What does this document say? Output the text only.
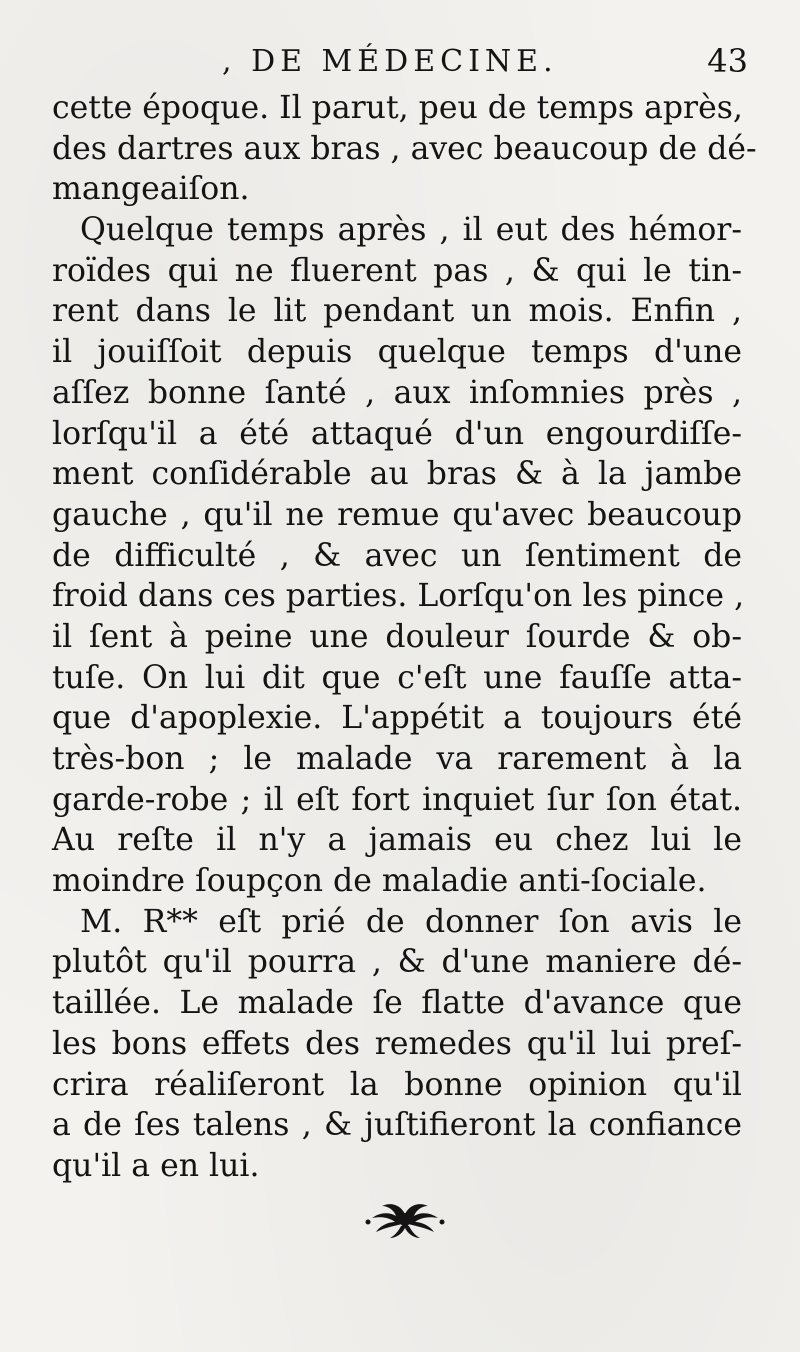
, DE MÉDECINE.	43
cette époque. Il parut, peu de temps après,
des dartres aux bras , avec beaucoup de dé-
mangeaiſon.
Quelque temps après , il eut des hémor-
roïdes qui ne fluerent pas , & qui le tin-
rent dans le lit pendant un mois. Enfin ,
il jouiſſoit depuis quelque temps d'une
aſſez bonne ſanté , aux inſomnies près ,
lorſqu'il a été attaqué d'un engourdiſſe-
ment conſidérable au bras & à la jambe
gauche , qu'il ne remue qu'avec beaucoup
de difficulté , & avec un ſentiment de
froid dans ces parties. Lorſqu'on les pince ,
il ſent à peine une douleur ſourde & ob-
tuſe. On lui dit que c'eſt une fauſſe atta-
que d'apoplexie. L'appétit a toujours été
très-bon ; le malade va rarement à la
garde-robe ; il eſt fort inquiet ſur ſon état.
Au reſte il n'y a jamais eu chez lui le
moindre ſoupçon de maladie anti-ſociale.
M. R** eſt prié de donner ſon avis le
plutôt qu'il pourra , & d'une maniere dé-
taillée. Le malade ſe flatte d'avance que
les bons effets des remedes qu'il lui preſ-
crira réaliſeront la bonne opinion qu'il
a de ſes talens , & juſtifieront la confiance
qu'il a en lui.
